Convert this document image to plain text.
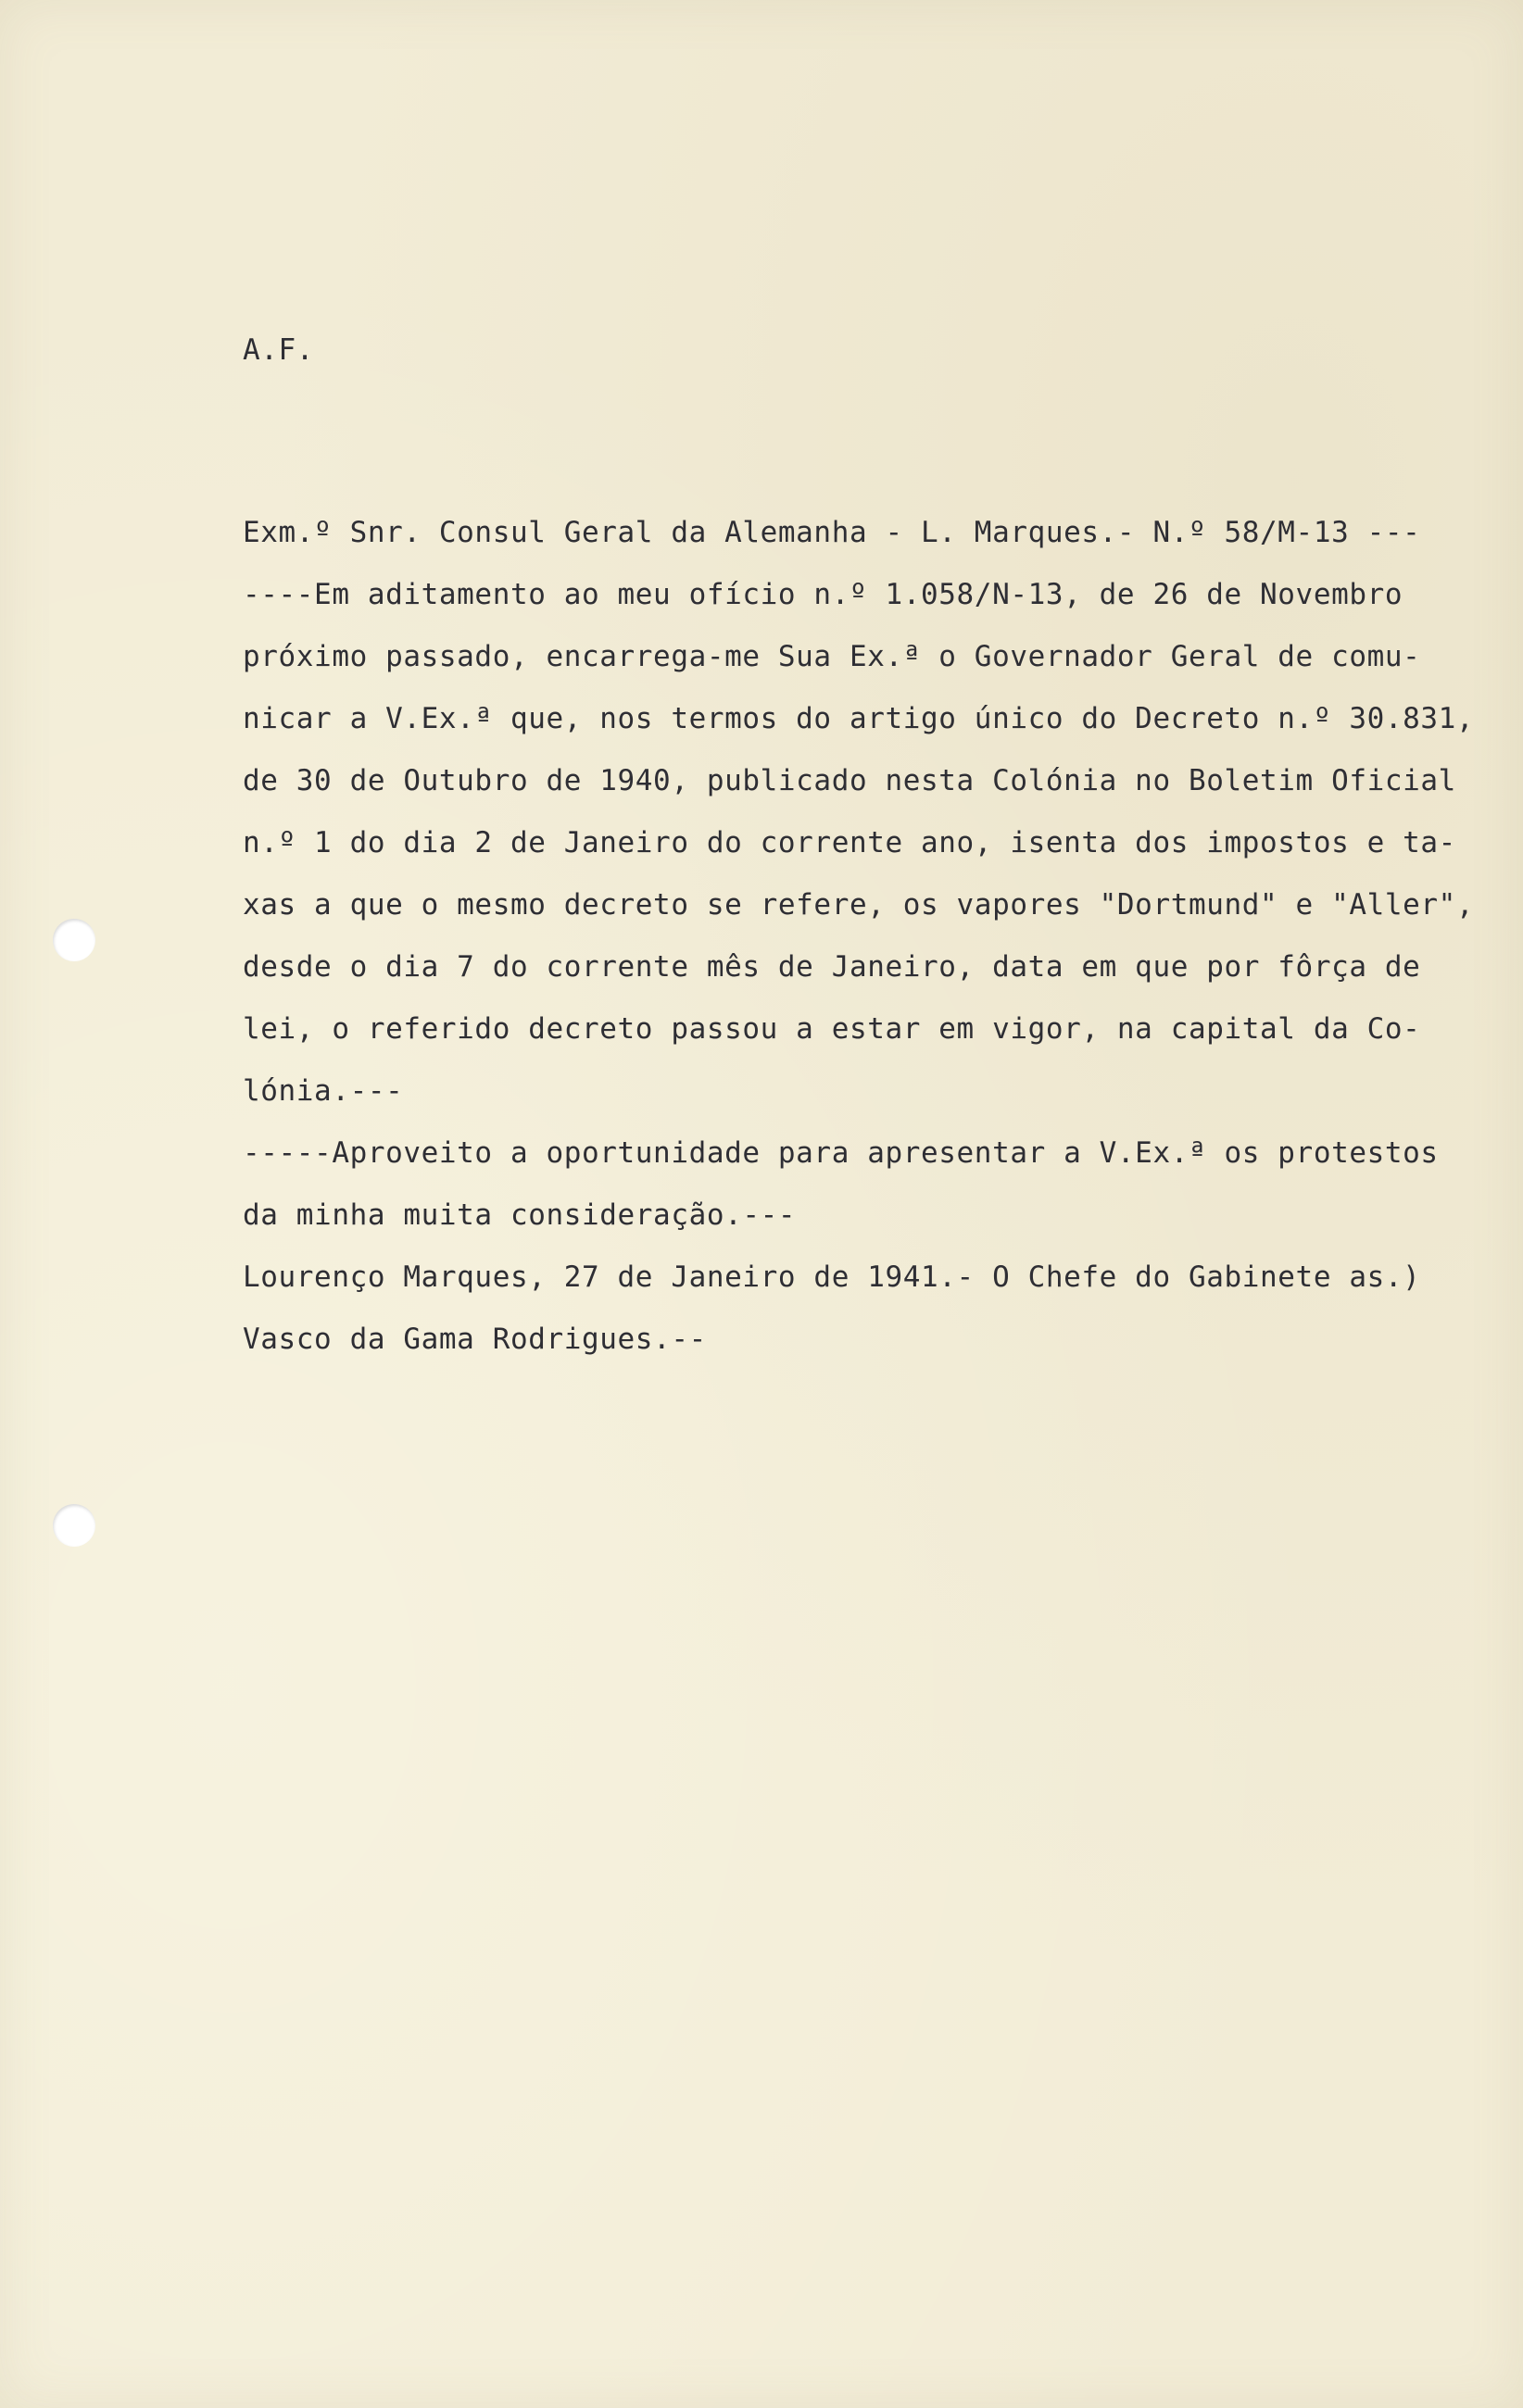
A.F.
Exm.º Snr. Consul Geral da Alemanha - L. Marques.- N.º 58/M-13 ---
----Em aditamento ao meu ofício n.º 1.058/N-13, de 26 de Novembro
próximo passado, encarrega-me Sua Ex.ª o Governador Geral de comu-
nicar a V.Ex.ª que, nos termos do artigo único do Decreto n.º 30.831,
de 30 de Outubro de 1940, publicado nesta Colónia no Boletim Oficial
n.º 1 do dia 2 de Janeiro do corrente ano, isenta dos impostos e ta-
xas a que o mesmo decreto se refere, os vapores "Dortmund" e "Aller",
desde o dia 7 do corrente mês de Janeiro, data em que por fôrça de
lei, o referido decreto passou a estar em vigor, na capital da Co-
lónia.---
-----Aproveito a oportunidade para apresentar a V.Ex.ª os protestos
da minha muita consideração.---
Lourenço Marques, 27 de Janeiro de 1941.- O Chefe do Gabinete as.)
Vasco da Gama Rodrigues.--
